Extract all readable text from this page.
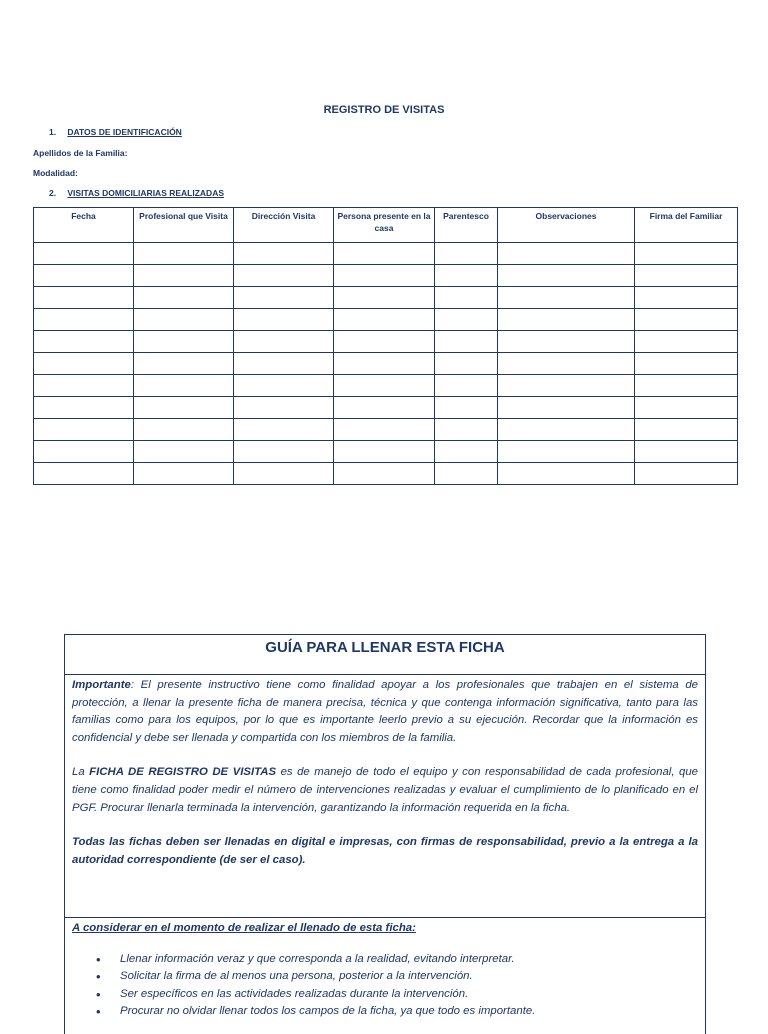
REGISTRO DE VISITAS
1. DATOS DE IDENTIFICACIÓN
Apellidos de la Familia:
Modalidad:
2. VISITAS DOMICILIARIAS REALIZADAS
Fecha	Profesional que Visita	Dirección Visita	Persona presente en la casa	Parentesco	Observaciones	Firma del Familiar

GUÍA PARA LLENAR ESTA FICHA

Importante: El presente instructivo tiene como finalidad apoyar a los profesionales que trabajen en el sistema de protección, a llenar la presente ficha de manera precisa, técnica y que contenga información significativa, tanto para las familias como para los equipos, por lo que es importante leerlo previo a su ejecución. Recordar que la información es confidencial y debe ser llenada y compartida con los miembros de la familia.

La FICHA DE REGISTRO DE VISITAS es de manejo de todo el equipo y con responsabilidad de cada profesional, que tiene como finalidad poder medir el número de intervenciones realizadas y evaluar el cumplimiento de lo planificado en el PGF. Procurar llenarla terminada la intervención, garantizando la información requerida en la ficha.

Todas las fichas deben ser llenadas en digital e impresas, con firmas de responsabilidad, previo a la entrega a la autoridad correspondiente (de ser el caso).

A considerar en el momento de realizar el llenado de esta ficha:
• Llenar información veraz y que corresponda a la realidad, evitando interpretar.
• Solicitar la firma de al menos una persona, posterior a la intervención.
• Ser específicos en las actividades realizadas durante la intervención.
• Procurar no olvidar llenar todos los campos de la ficha, ya que todo es importante.
